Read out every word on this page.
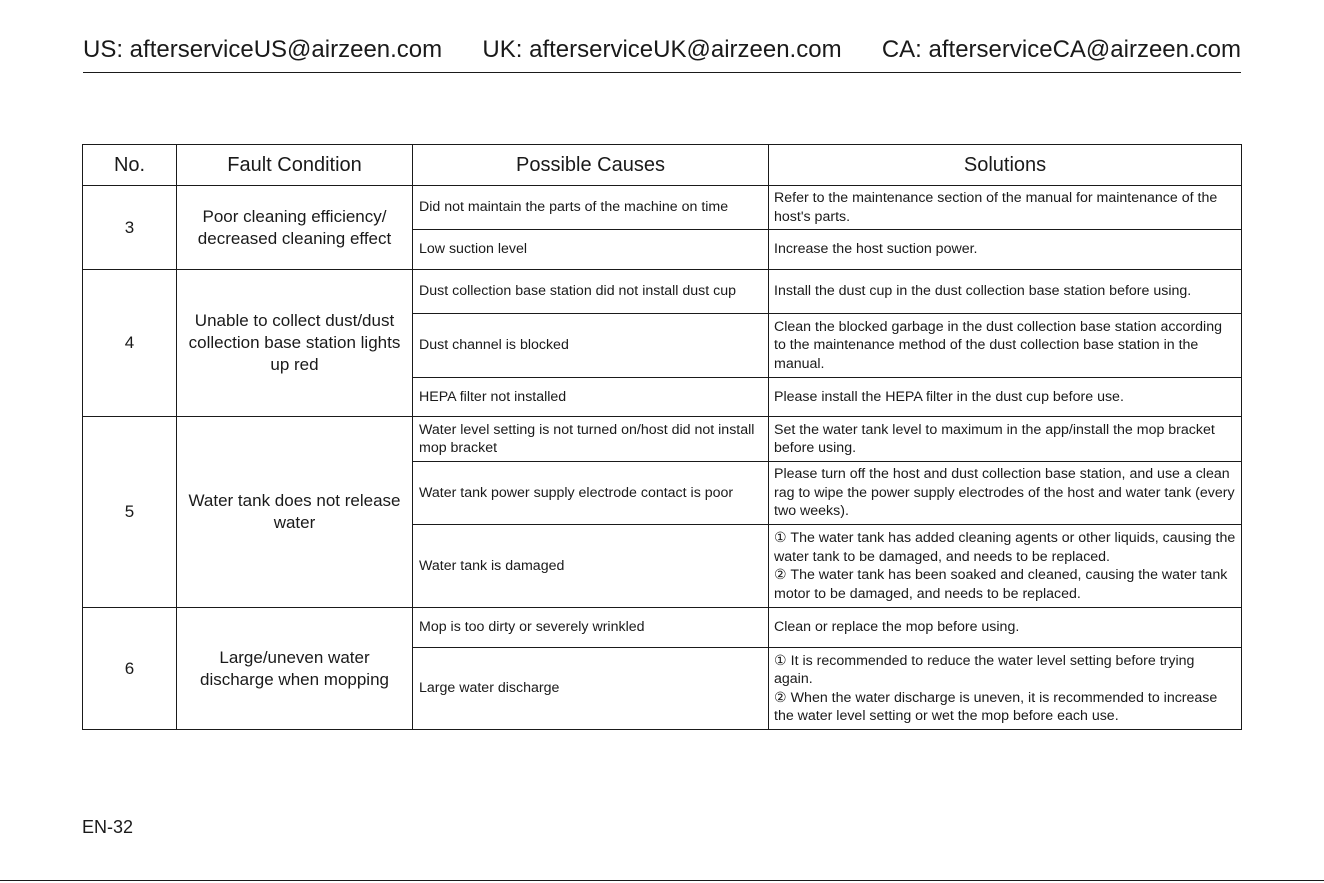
US: afterserviceUS@airzeen.com UK: afterserviceUK@airzeen.com CA: afterserviceCA@airzeen.com
No.	Fault Condition	Possible Causes	Solutions
3	Poor cleaning efficiency/ decreased cleaning effect	Did not maintain the parts of the machine on time	Refer to the maintenance section of the manual for maintenance of the host's parts.
		Low suction level	Increase the host suction power.
4	Unable to collect dust/dust collection base station lights up red	Dust collection base station did not install dust cup	Install the dust cup in the dust collection base station before using.
		Dust channel is blocked	Clean the blocked garbage in the dust collection base station according to the maintenance method of the dust collection base station in the manual.
		HEPA filter not installed	Please install the HEPA filter in the dust cup before use.
5	Water tank does not release water	Water level setting is not turned on/host did not install mop bracket	Set the water tank level to maximum in the app/install the mop bracket before using.
		Water tank power supply electrode contact is poor	Please turn off the host and dust collection base station, and use a clean rag to wipe the power supply electrodes of the host and water tank (every two weeks).
		Water tank is damaged	① The water tank has added cleaning agents or other liquids, causing the water tank to be damaged, and needs to be replaced.
② The water tank has been soaked and cleaned, causing the water tank motor to be damaged, and needs to be replaced.
6	Large/uneven water discharge when mopping	Mop is too dirty or severely wrinkled	Clean or replace the mop before using.
		Large water discharge	① It is recommended to reduce the water level setting before trying again.
② When the water discharge is uneven, it is recommended to increase the water level setting or wet the mop before each use.
EN-32
